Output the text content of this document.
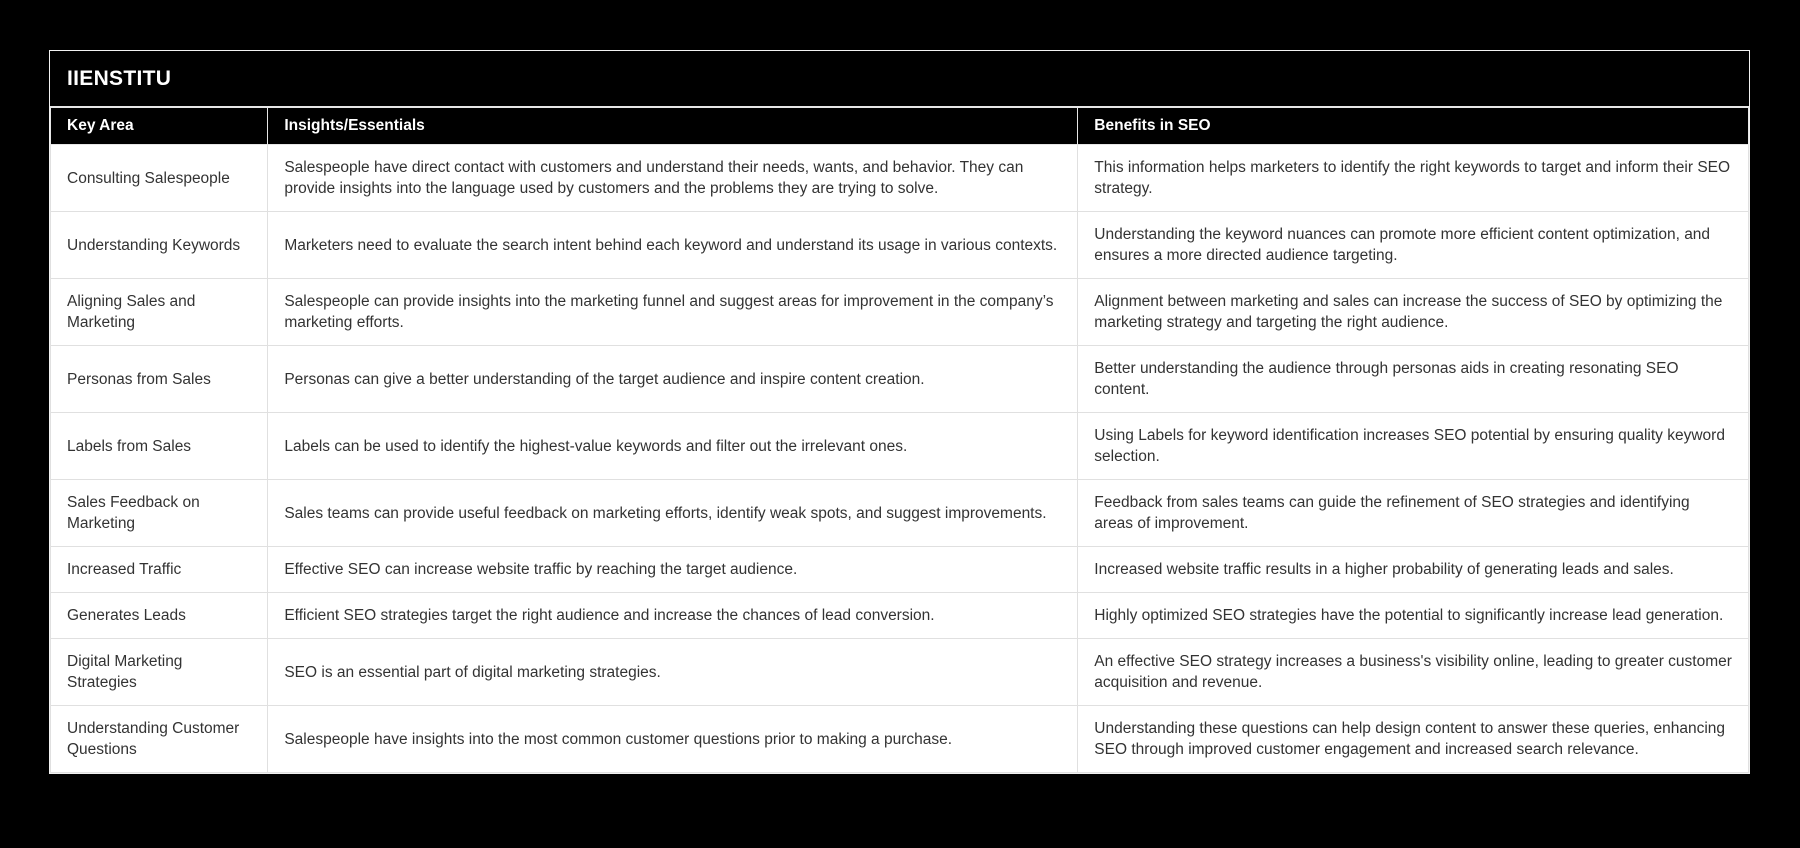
IIENSTITU
Key Area	Insights/Essentials	Benefits in SEO
Consulting Salespeople	Salespeople have direct contact with customers and understand their needs, wants, and behavior. They can provide insights into the language used by customers and the problems they are trying to solve.	This information helps marketers to identify the right keywords to target and inform their SEO strategy.
Understanding Keywords	Marketers need to evaluate the search intent behind each keyword and understand its usage in various contexts.	Understanding the keyword nuances can promote more efficient content optimization, and ensures a more directed audience targeting.
Aligning Sales and Marketing	Salespeople can provide insights into the marketing funnel and suggest areas for improvement in the company’s marketing efforts.	Alignment between marketing and sales can increase the success of SEO by optimizing the marketing strategy and targeting the right audience.
Personas from Sales	Personas can give a better understanding of the target audience and inspire content creation.	Better understanding the audience through personas aids in creating resonating SEO content.
Labels from Sales	Labels can be used to identify the highest-value keywords and filter out the irrelevant ones.	Using Labels for keyword identification increases SEO potential by ensuring quality keyword selection.
Sales Feedback on Marketing	Sales teams can provide useful feedback on marketing efforts, identify weak spots, and suggest improvements.	Feedback from sales teams can guide the refinement of SEO strategies and identifying areas of improvement.
Increased Traffic	Effective SEO can increase website traffic by reaching the target audience.	Increased website traffic results in a higher probability of generating leads and sales.
Generates Leads	Efficient SEO strategies target the right audience and increase the chances of lead conversion.	Highly optimized SEO strategies have the potential to significantly increase lead generation.
Digital Marketing Strategies	SEO is an essential part of digital marketing strategies.	An effective SEO strategy increases a business's visibility online, leading to greater customer acquisition and revenue.
Understanding Customer Questions	Salespeople have insights into the most common customer questions prior to making a purchase.	Understanding these questions can help design content to answer these queries, enhancing SEO through improved customer engagement and increased search relevance.
